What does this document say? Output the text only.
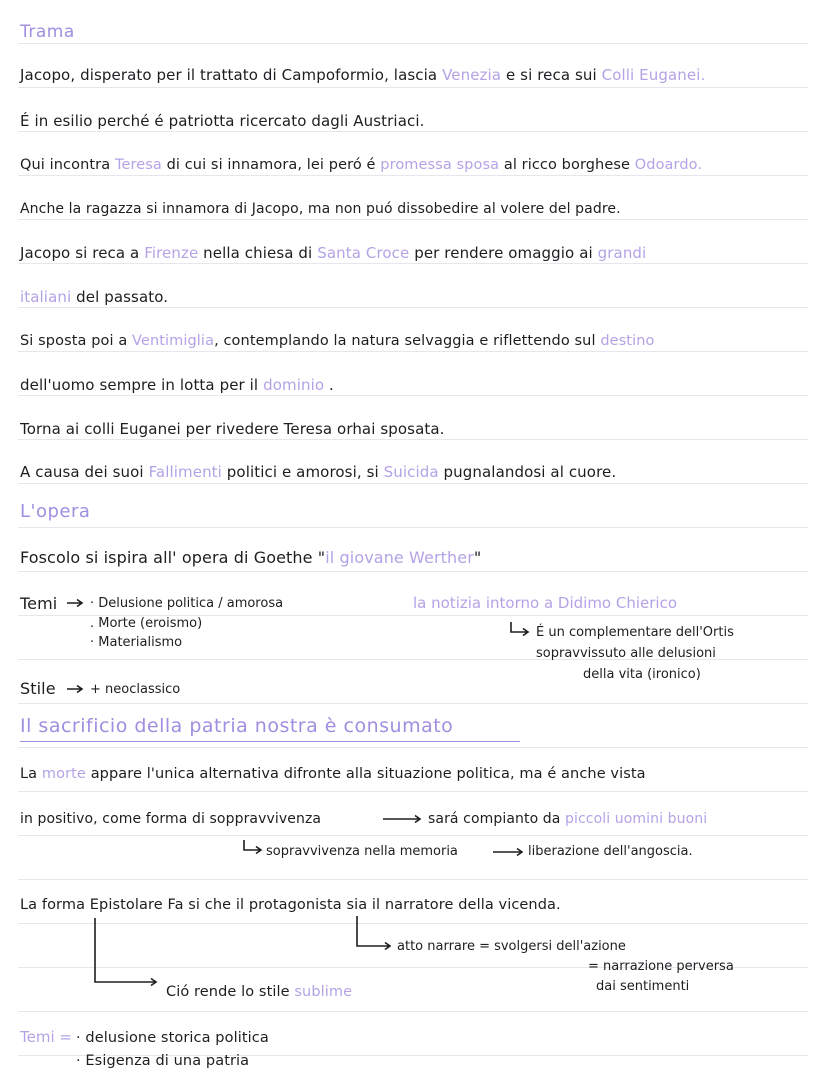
Trama
Jacopo, disperato per il trattato di Campoformio, lascia Venezia e si reca sui Colli Euganei.
É in esilio perché é patriotta ricercato dagli Austriaci.
Qui incontra Teresa di cui si innamora, lei peró é promessa sposa al ricco borghese Odoardo.
Anche la ragazza si innamora di Jacopo, ma non puó dissobedire al volere del padre.
Jacopo si reca a Firenze nella chiesa di Santa Croce per rendere omaggio ai grandi
italiani del passato.
Si sposta poi a Ventimiglia, contemplando la natura selvaggia e riflettendo sul destino
dell'uomo sempre in lotta per il dominio .
Torna ai colli Euganei per rivedere Teresa orhai sposata.
A causa dei suoi Fallimenti politici e amorosi, si Suicida pugnalandosi al cuore.
L'opera
Foscolo si ispira all' opera di Goethe "il giovane Werther"
Temi	· Delusione politica / amorosa
. Morte (eroismo)
· Materialismo
la notizia intorno a Didimo Chierico
É un complementare dell'Ortis
sopravvissuto alle delusioni
della vita (ironico)
Stile	+ neoclassico
Il sacrificio della patria nostra è consumato
La morte appare l'unica alternativa difronte alla situazione politica, ma é anche vista
in positivo, come forma di soppravvivenza	sará compianto da piccoli uomini buoni
sopravvivenza nella memoria	liberazione dell'angoscia.
La forma Epistolare Fa si che il protagonista sia il narratore della vicenda.
atto narrare = svolgersi dell'azione
= narrazione perversa
dai sentimenti
Ció rende lo stile sublime
Temi = · delusione storica politica
· Esigenza di una patria
